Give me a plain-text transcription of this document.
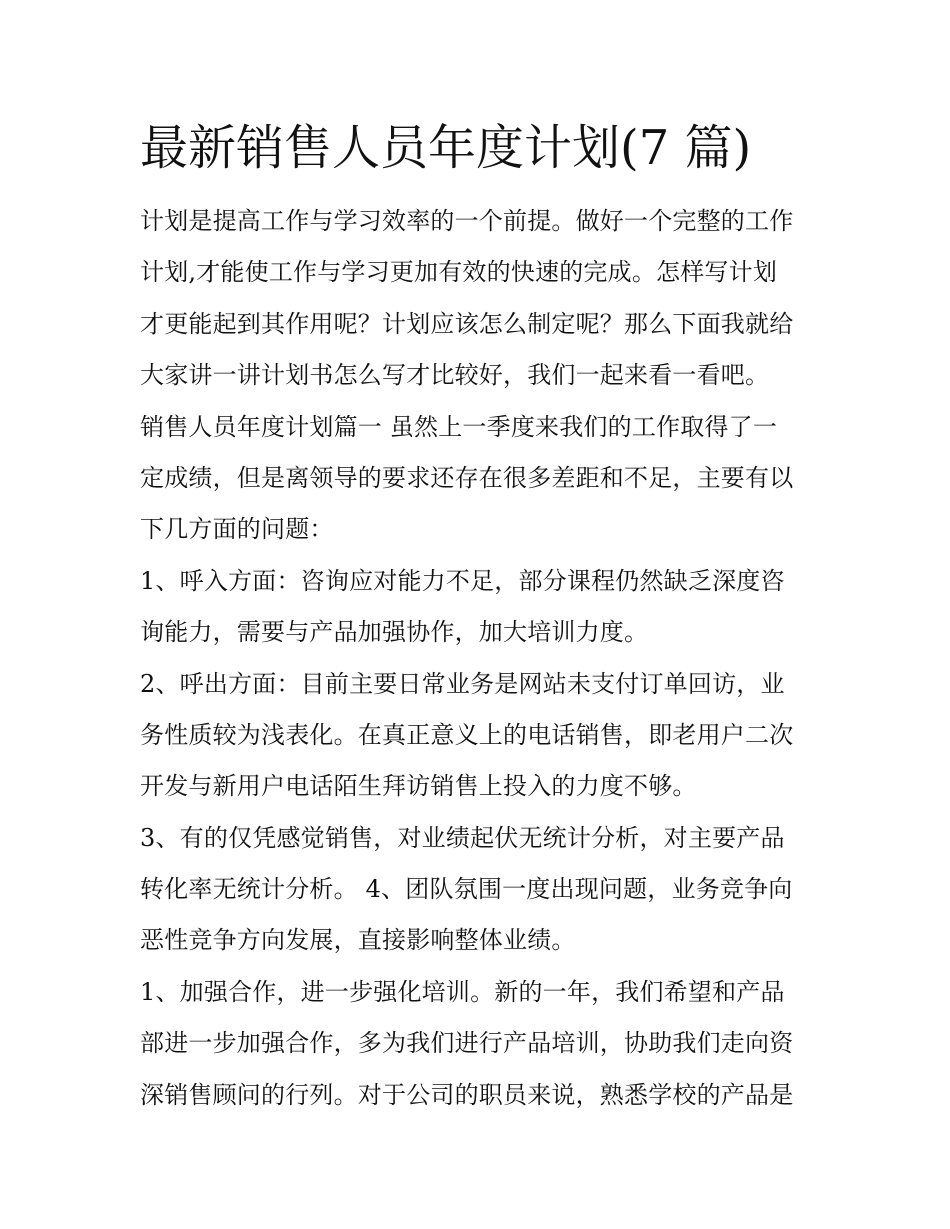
最新销售人员年度计划(7 篇)
计划是提高工作与学习效率的一个前提。做好一个完整的工作
计划,才能使工作与学习更加有效的快速的完成。怎样写计划
才更能起到其作用呢？计划应该怎么制定呢？那么下面我就给
大家讲一讲计划书怎么写才比较好，我们一起来看一看吧。
销售人员年度计划篇一 虽然上一季度来我们的工作取得了一
定成绩，但是离领导的要求还存在很多差距和不足，主要有以
下几方面的问题：
1、呼入方面：咨询应对能力不足，部分课程仍然缺乏深度咨
询能力，需要与产品加强协作，加大培训力度。
2、呼出方面：目前主要日常业务是网站未支付订单回访，业
务性质较为浅表化。在真正意义上的电话销售，即老用户二次
开发与新用户电话陌生拜访销售上投入的力度不够。
3、有的仅凭感觉销售，对业绩起伏无统计分析，对主要产品
转化率无统计分析。 4、团队氛围一度出现问题，业务竞争向
恶性竞争方向发展，直接影响整体业绩。
1、加强合作，进一步强化培训。新的一年，我们希望和产品
部进一步加强合作，多为我们进行产品培训，协助我们走向资
深销售顾问的行列。对于公司的职员来说，熟悉学校的产品是
